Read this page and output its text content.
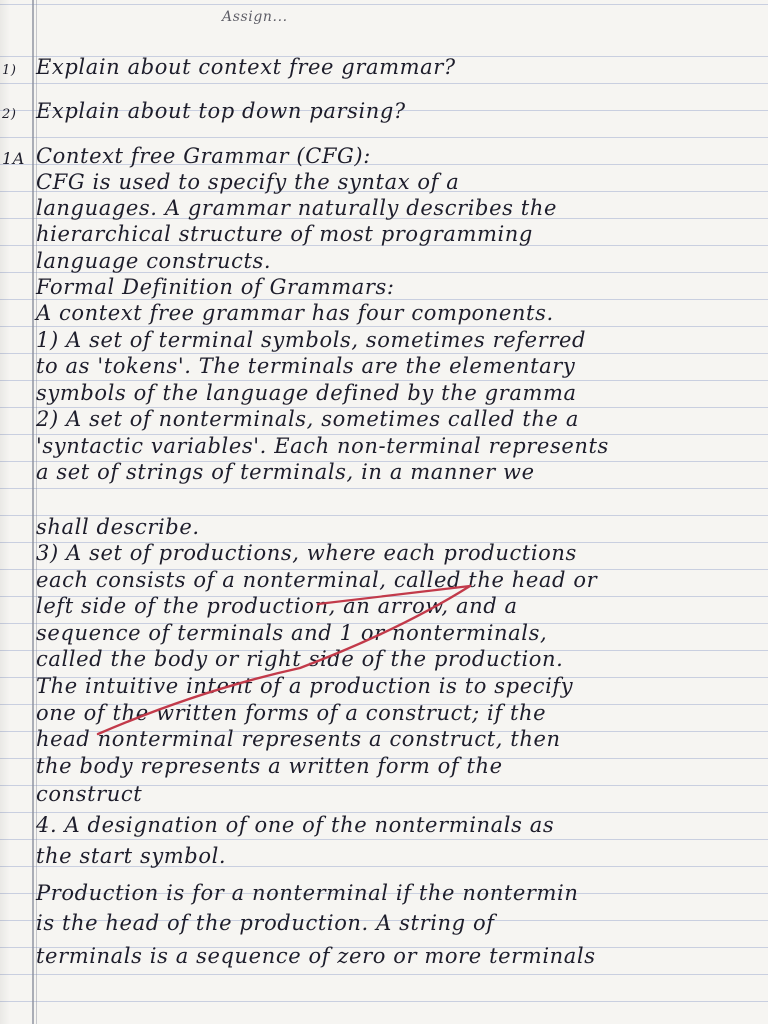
Assign...
1) Explain about context free grammar?
2) Explain about top down parsing?
1A Context free Grammar (CFG):
CFG is used to specify the syntax of a
languages. A grammar naturally describes the
hierarchical structure of most programming
language constructs.
Formal Definition of Grammars:
A context free grammar has four components.
1) A set of terminal symbols, sometimes referred
to as 'tokens'. The terminals are the elementary
symbols of the language defined by the gramma
2) A set of nonterminals, sometimes called the a
'syntactic variables'. Each non-terminal represents
a set of strings of terminals, in a manner we
shall describe.
3) A set of productions, where each productions
each consists of a nonterminal, called the head or
left side of the production, an arrow, and a
sequence of terminals and 1 or nonterminals,
called the body or right side of the production.
The intuitive intent of a production is to specify
one of the written forms of a construct; if the
head nonterminal represents a construct, then
the body represents a written form of the
construct
4. A designation of one of the nonterminals as
the start symbol.
Production is for a nonterminal if the nontermin
is the head of the production. A string of
terminals is a sequence of zero or more terminals
